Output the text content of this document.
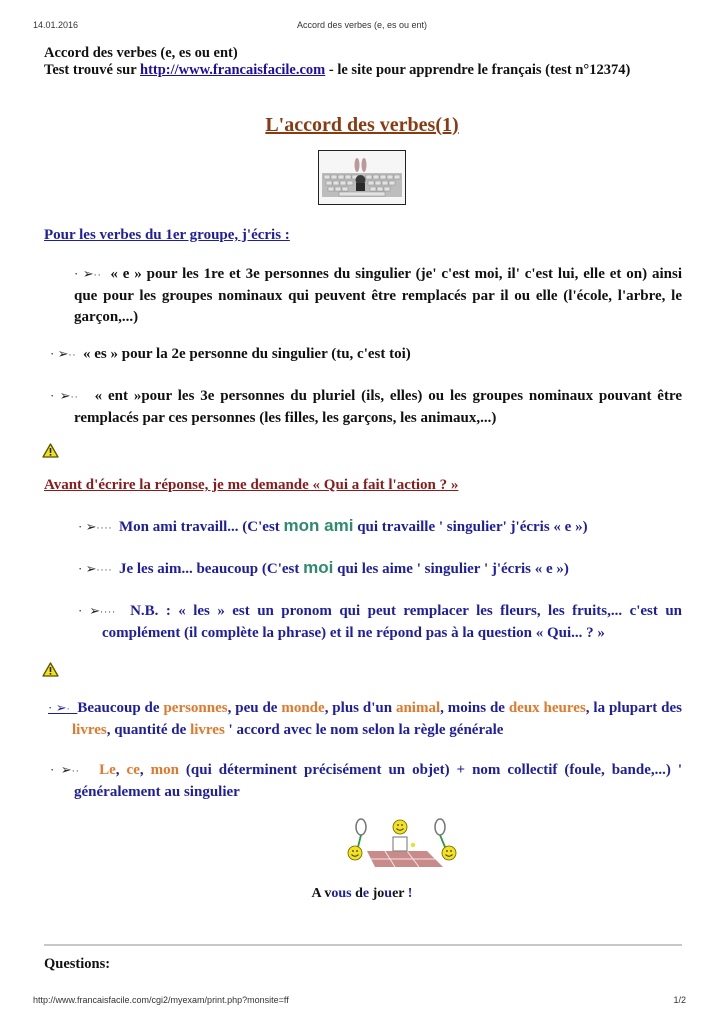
14.01.2016	Accord des verbes (e, es ou ent)
Accord des verbes (e, es ou ent)
Test trouvé sur http://www.francaisfacile.com - le site pour apprendre le français (test n°12374)
L'accord des verbes(1)
Pour les verbes du 1er groupe, j'écris :
· ➢·· « e » pour les 1re et 3e personnes du singulier (je' c'est moi, il' c'est lui, elle et on) ainsi que pour les groupes nominaux qui peuvent être remplacés par il ou elle (l'école, l'arbre, le garçon,...)
· ➢·· « es » pour la 2e personne du singulier (tu, c'est toi)
· ➢·· « ent »pour les 3e personnes du pluriel (ils, elles) ou les groupes nominaux pouvant être remplacés par ces personnes (les filles, les garçons, les animaux,...)
Avant d'écrire la réponse, je me demande « Qui a fait l'action ? »
· ➢···· Mon ami travaill... (C'est mon ami qui travaille ' singulier' j'écris « e »)
· ➢···· Je les aim... beaucoup (C'est moi qui les aime ' singulier ' j'écris « e »)
· ➢···· N.B. : « les » est un pronom qui peut remplacer les fleurs, les fruits,... c'est un complément (il complète la phrase) et il ne répond pas à la question « Qui... ? »
· ➢· Beaucoup de personnes, peu de monde, plus d'un animal, moins de deux heures, la plupart des livres, quantité de livres ' accord avec le nom selon la règle générale
· ➢·· Le, ce, mon (qui déterminent précisément un objet) + nom collectif (foule, bande,...) ' généralement au singulier
A vous de jouer !
Questions:
http://www.francaisfacile.com/cgi2/myexam/print.php?monsite=ff	1/2
